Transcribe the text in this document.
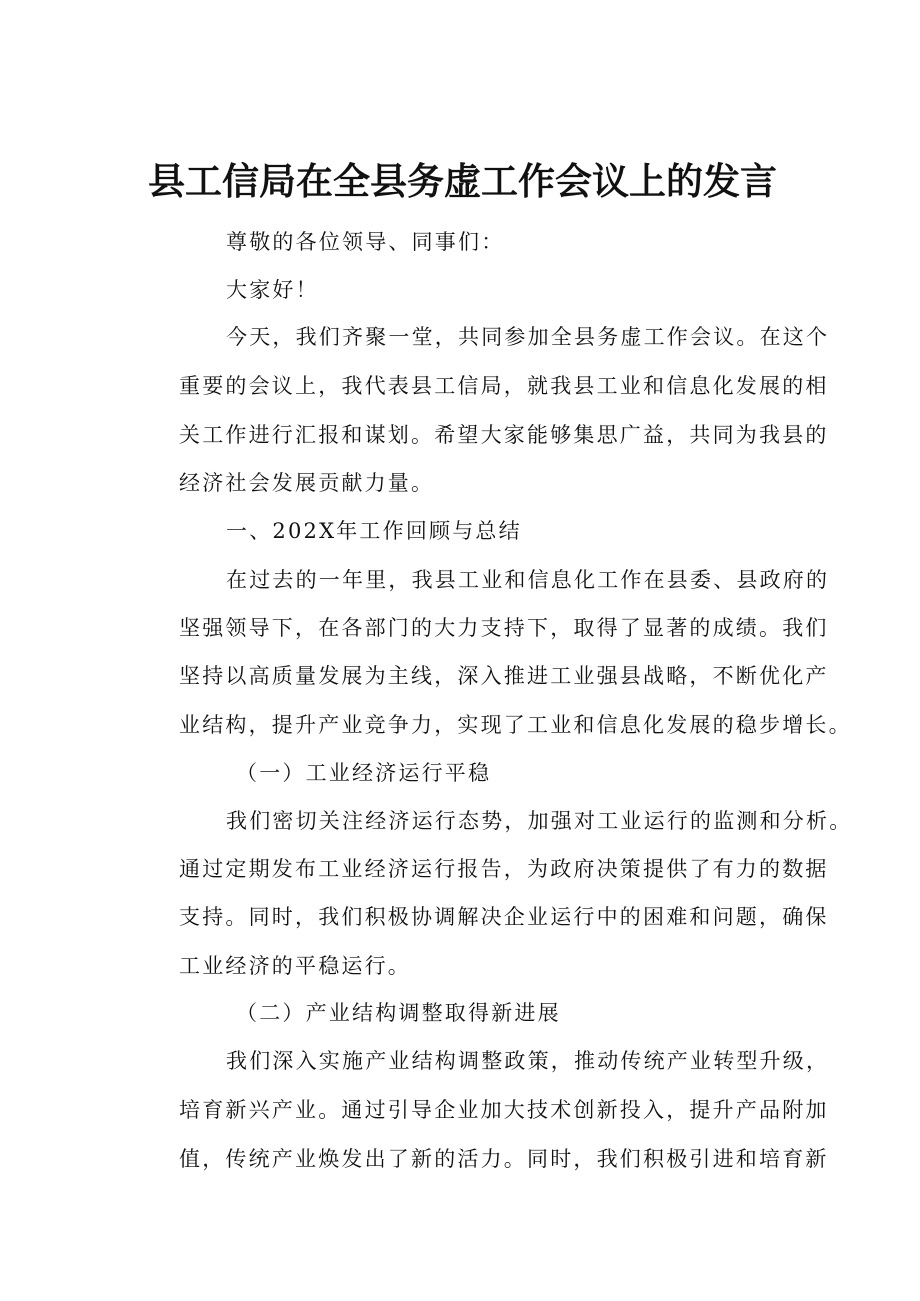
县工信局在全县务虚工作会议上的发言

尊敬的各位领导、同事们：

大家好！

今天，我们齐聚一堂，共同参加全县务虚工作会议。在这个

重要的会议上，我代表县工信局，就我县工业和信息化发展的相

关工作进行汇报和谋划。希望大家能够集思广益，共同为我县的

经济社会发展贡献力量。

一、202X年工作回顾与总结

在过去的一年里，我县工业和信息化工作在县委、县政府的

坚强领导下，在各部门的大力支持下，取得了显著的成绩。我们

坚持以高质量发展为主线，深入推进工业强县战略，不断优化产

业结构，提升产业竞争力，实现了工业和信息化发展的稳步增长。

（一）工业经济运行平稳

我们密切关注经济运行态势，加强对工业运行的监测和分析。

通过定期发布工业经济运行报告，为政府决策提供了有力的数据

支持。同时，我们积极协调解决企业运行中的困难和问题，确保

工业经济的平稳运行。

（二）产业结构调整取得新进展

我们深入实施产业结构调整政策，推动传统产业转型升级，

培育新兴产业。通过引导企业加大技术创新投入，提升产品附加

值，传统产业焕发出了新的活力。同时，我们积极引进和培育新
